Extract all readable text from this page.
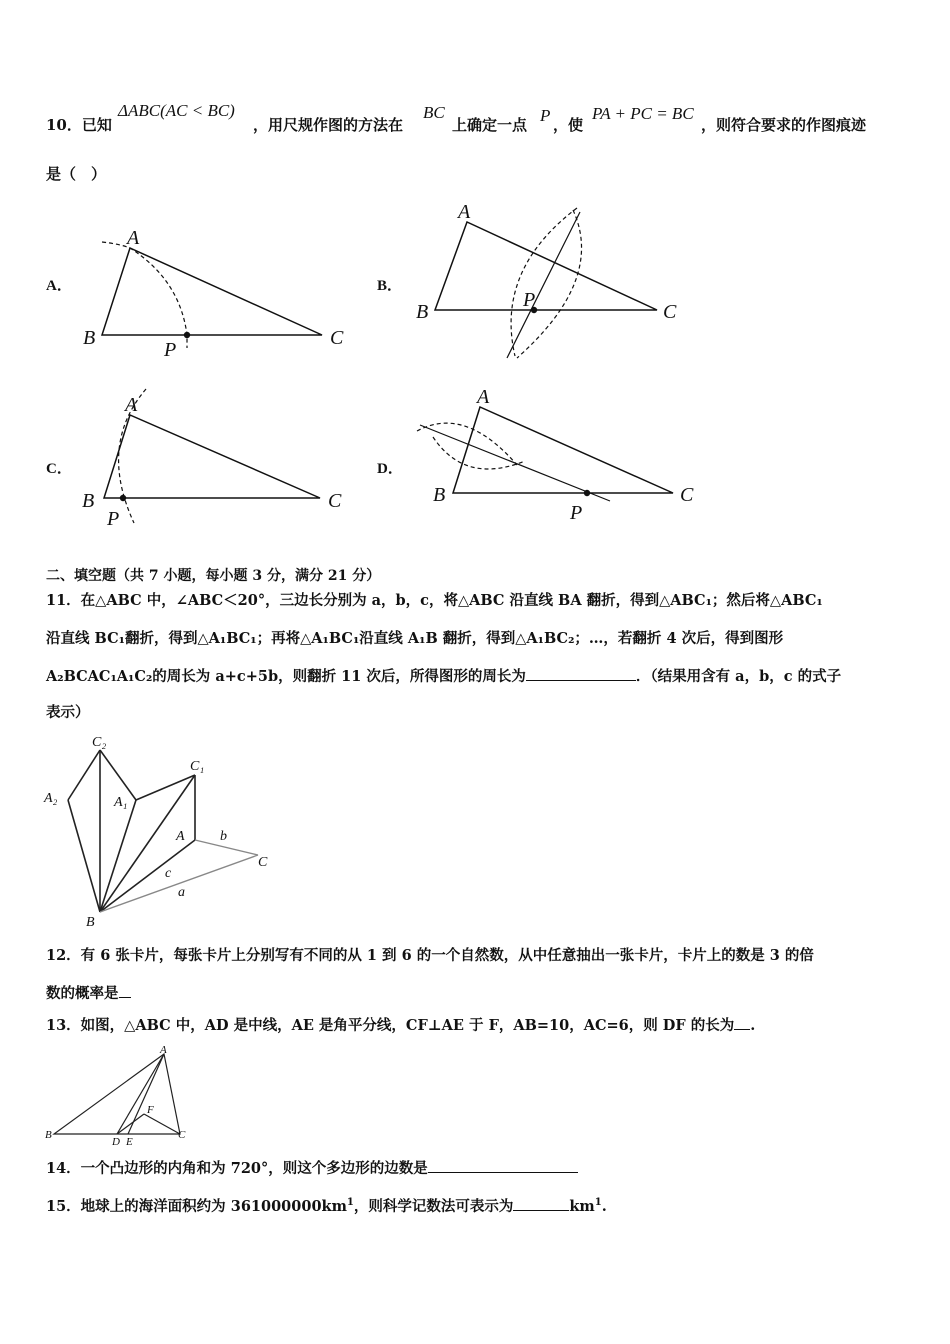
10．已知
ΔABC(AC < BC)
，用尺规作图的方法在
BC
上确定一点 P ，使
PA + PC = BC
，则符合要求的作图痕迹
是（　）
A．	B．
C．	D．
A
B	C
P
A
B	C
P
A
B	C
P
A
B	C
P
二、填空题（共 7 小题，每小题 3 分，满分 21 分）
11．在△ABC 中，∠ABC＜20°，三边长分别为 a，b，c，将△ABC 沿直线 BA 翻折，得到△ABC₁；然后将△ABC₁
沿直线 BC₁翻折，得到△A₁BC₁；再将△A₁BC₁沿直线 A₁B 翻折，得到△A₁BC₂；…，若翻折 4 次后，得到图形
A₂BCAC₁A₁C₂的周长为 a+c+5b，则翻折 11 次后，所得图形的周长为	．（结果用含有 a，b，c 的式子
表示）
C₂
A₂	A₁
C₁
A	b
C
c
a
B
12．有 6 张卡片，每张卡片上分别写有不同的从 1 到 6 的一个自然数，从中任意抽出一张卡片，卡片上的数是 3 的倍
数的概率是
13．如图，△ABC 中，AD 是中线，AE 是角平分线，CF⊥AE 于 F，AB=10，AC=6，则 DF 的长为 .
A
B	C
D E
F
14．一个凸边形的内角和为 720°，则这个多边形的边数是
15．地球上的海洋面积约为 $361000000km^1$，则科学记数法可表示为	$km^1$.
